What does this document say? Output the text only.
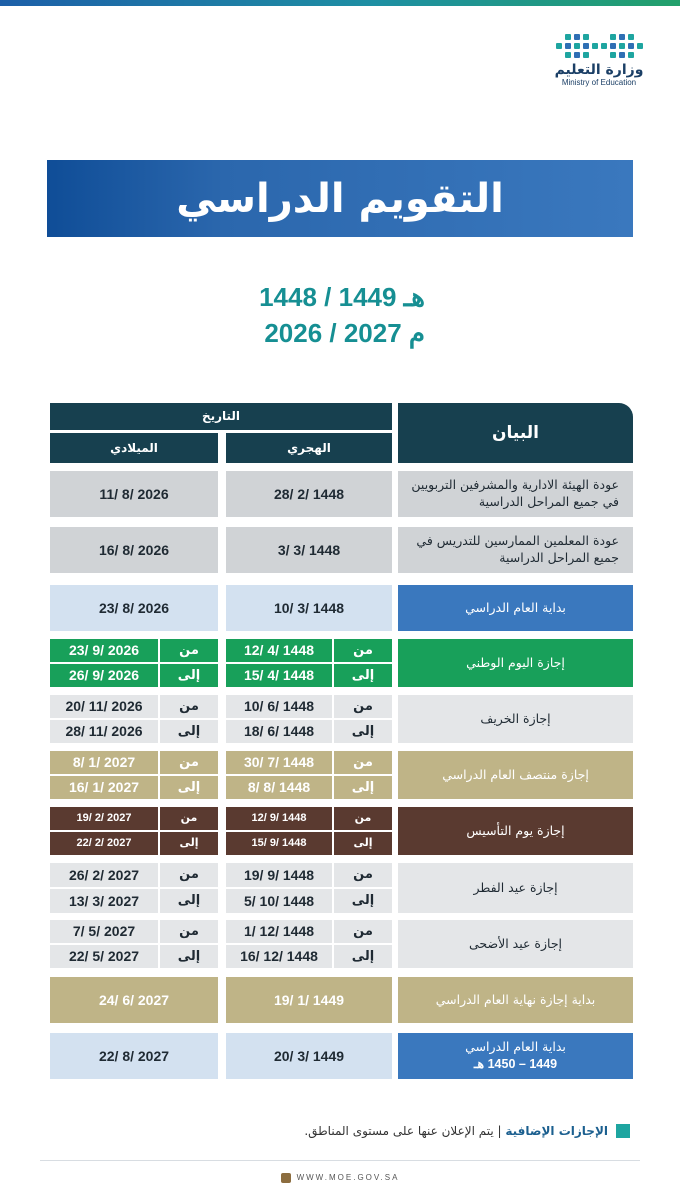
وزارة التعليم
Ministry of Education
التقويم الدراسي
1448 / 1449 هـ
2026 / 2027 م
البيان
التاريخ
الهجري
الميلادي
عودة الهيئة الادارية والمشرفين التربويين في جميع المراحل الدراسية
28/ 2/ 1448
11/ 8/ 2026
عودة المعلمين الممارسين للتدريس في جميع المراحل الدراسية
3/ 3/ 1448
16/ 8/ 2026
بداية العام الدراسي
10/ 3/ 1448
23/ 8/ 2026
إجازة اليوم الوطني
من
إلى
12/ 4/ 1448
15/ 4/ 1448
من
إلى
23/ 9/ 2026
26/ 9/ 2026
إجازة الخريف
من
إلى
10/ 6/ 1448
18/ 6/ 1448
من
إلى
20/ 11/ 2026
28/ 11/ 2026
إجازة منتصف العام الدراسي
من
إلى
30/ 7/ 1448
8/ 8/ 1448
من
إلى
8/ 1/ 2027
16/ 1/ 2027
إجازة يوم التأسيس
من
إلى
12/ 9/ 1448
15/ 9/ 1448
من
إلى
19/ 2/ 2027
22/ 2/ 2027
إجازة عيد الفطر
من
إلى
19/ 9/ 1448
5/ 10/ 1448
من
إلى
26/ 2/ 2027
13/ 3/ 2027
إجازة عيد الأضحى
من
إلى
1/ 12/ 1448
16/ 12/ 1448
من
إلى
7/ 5/ 2027
22/ 5/ 2027
بداية إجازة نهاية العام الدراسي
19/ 1/ 1449
24/ 6/ 2027
بداية العام الدراسي
1449 – 1450 هـ
20/ 3/ 1449
22/ 8/ 2027
الإجازات الإضافية | يتم الإعلان عنها على مستوى المناطق.
WWW.MOE.GOV.SA
